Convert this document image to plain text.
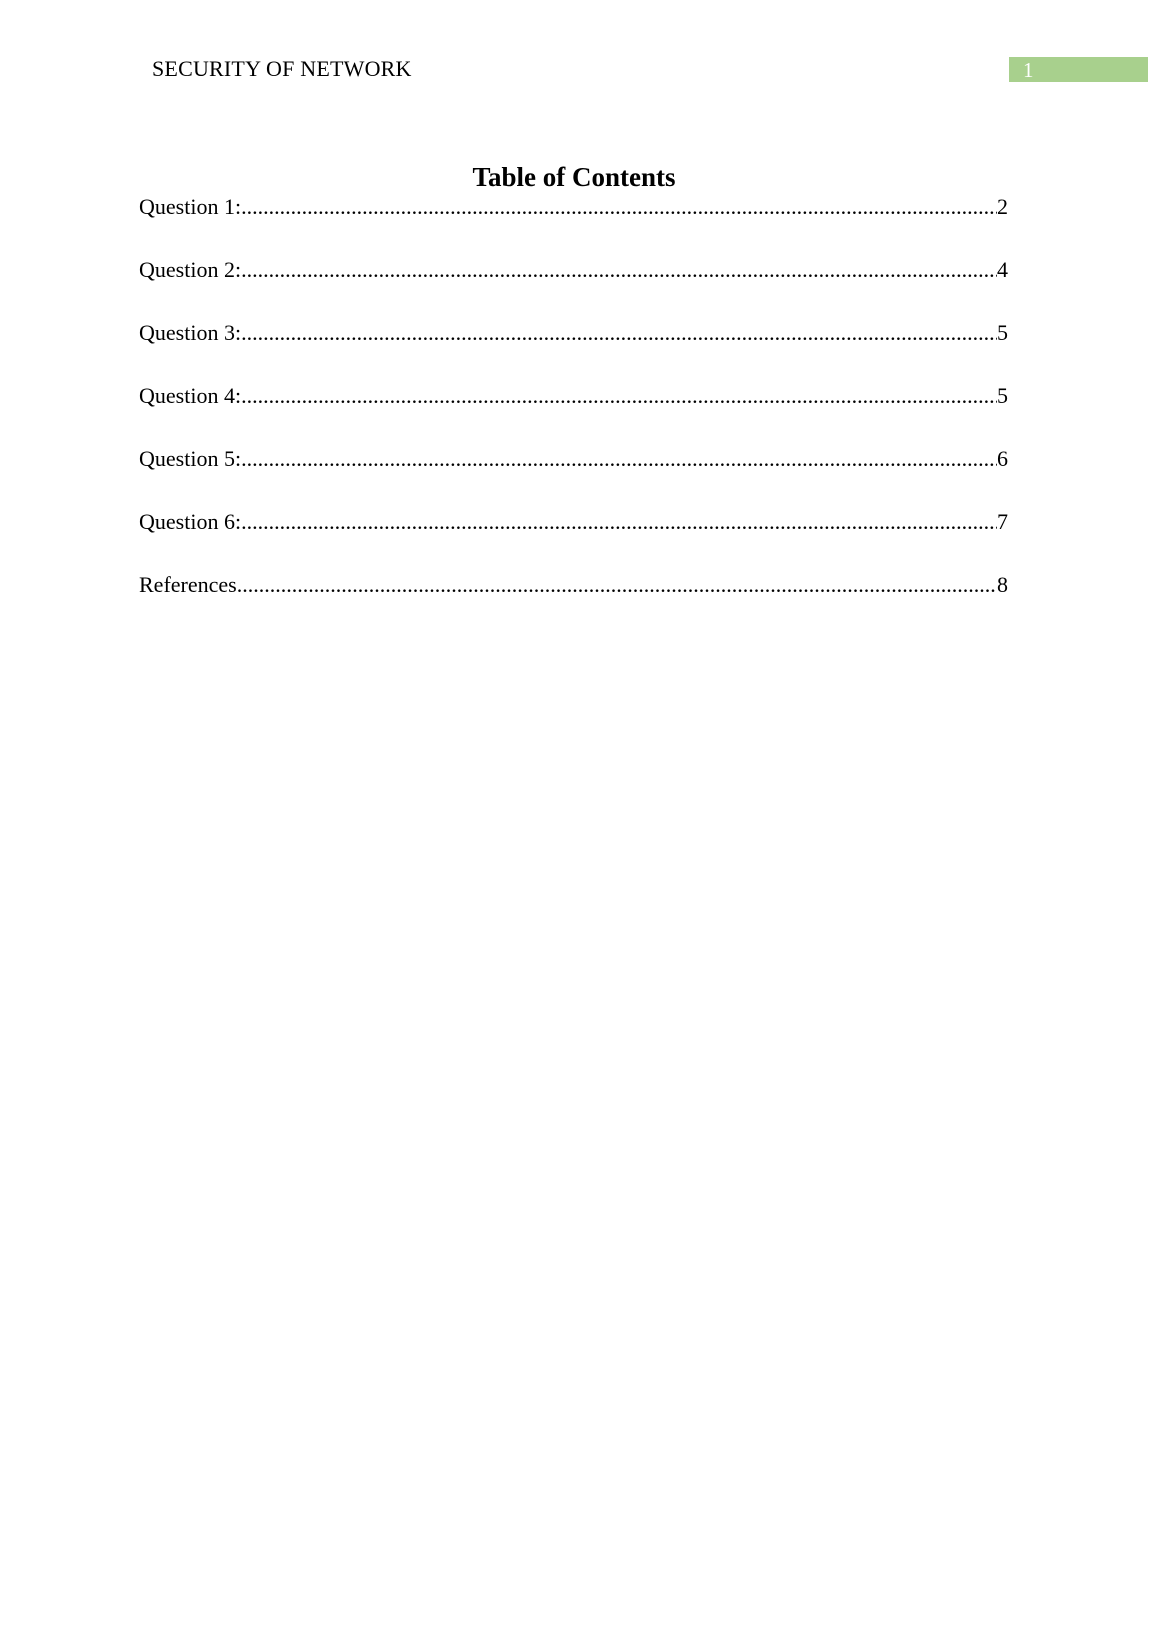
SECURITY OF NETWORK	1
Table of Contents
Question 1: .....	2
Question 2: .....	4
Question 3: .....	5
Question 4: .....	5
Question 5: .....	6
Question 6: .....	7
References .....	8
